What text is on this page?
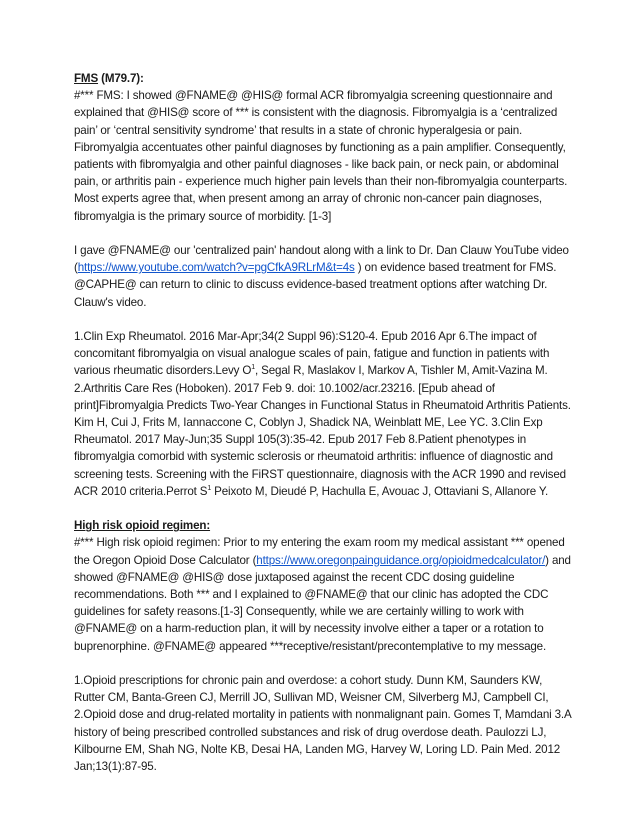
FMS (M79.7):

#*** FMS: I showed @FNAME@ @HIS@ formal ACR fibromyalgia screening questionnaire and explained that @HIS@ score of *** is consistent with the diagnosis. Fibromyalgia is a ‘centralized pain’ or ‘central sensitivity syndrome’ that results in a state of chronic hyperalgesia or pain. Fibromyalgia accentuates other painful diagnoses by functioning as a pain amplifier. Consequently, patients with fibromyalgia and other painful diagnoses - like back pain, or neck pain, or abdominal pain, or arthritis pain - experience much higher pain levels than their non-fibromyalgia counterparts. Most experts agree that, when present among an array of chronic non-cancer pain diagnoses, fibromyalgia is the primary source of morbidity. [1-3]

I gave @FNAME@ our 'centralized pain' handout along with a link to Dr. Dan Clauw YouTube video (https://www.youtube.com/watch?v=pgCfkA9RLrM&t=4s ) on evidence based treatment for FMS. @CAPHE@ can return to clinic to discuss evidence-based treatment options after watching Dr. Clauw's video.

1.Clin Exp Rheumatol. 2016 Mar-Apr;34(2 Suppl 96):S120-4. Epub 2016 Apr 6.The impact of concomitant fibromyalgia on visual analogue scales of pain, fatigue and function in patients with various rheumatic disorders.Levy $O^1$, Segal R, Maslakov I, Markov A, Tishler M, Amit-Vazina M. 2.Arthritis Care Res (Hoboken). 2017 Feb 9. doi: 10.1002/acr.23216. [Epub ahead of print]Fibromyalgia Predicts Two-Year Changes in Functional Status in Rheumatoid Arthritis Patients. Kim H, Cui J, Frits M, Iannaccone C, Coblyn J, Shadick NA, Weinblatt ME, Lee YC. 3.Clin Exp Rheumatol. 2017 May-Jun;35 Suppl 105(3):35-42. Epub 2017 Feb 8.Patient phenotypes in fibromyalgia comorbid with systemic sclerosis or rheumatoid arthritis: influence of diagnostic and screening tests. Screening with the FiRST questionnaire, diagnosis with the ACR 1990 and revised ACR 2010 criteria.Perrot $S^1$ Peixoto M, Dieudé P, Hachulla E, Avouac J, Ottaviani S, Allanore Y.

High risk opioid regimen:

#*** High risk opioid regimen: Prior to my entering the exam room my medical assistant *** opened the Oregon Opioid Dose Calculator (https://www.oregonpainguidance.org/opioidmedcalculator/) and showed @FNAME@ @HIS@ dose juxtaposed against the recent CDC dosing guideline recommendations. Both *** and I explained to @FNAME@ that our clinic has adopted the CDC guidelines for safety reasons.[1-3] Consequently, while we are certainly willing to work with @FNAME@ on a harm-reduction plan, it will by necessity involve either a taper or a rotation to buprenorphine. @FNAME@ appeared ***receptive/resistant/precontemplative to my message.

1.Opioid prescriptions for chronic pain and overdose: a cohort study. Dunn KM, Saunders KW, Rutter CM, Banta-Green CJ, Merrill JO, Sullivan MD, Weisner CM, Silverberg MJ, Campbell CI, 2.Opioid dose and drug-related mortality in patients with nonmalignant pain. Gomes T, Mamdani 3.A history of being prescribed controlled substances and risk of drug overdose death. Paulozzi LJ, Kilbourne EM, Shah NG, Nolte KB, Desai HA, Landen MG, Harvey W, Loring LD. Pain Med. 2012 Jan;13(1):87-95.
